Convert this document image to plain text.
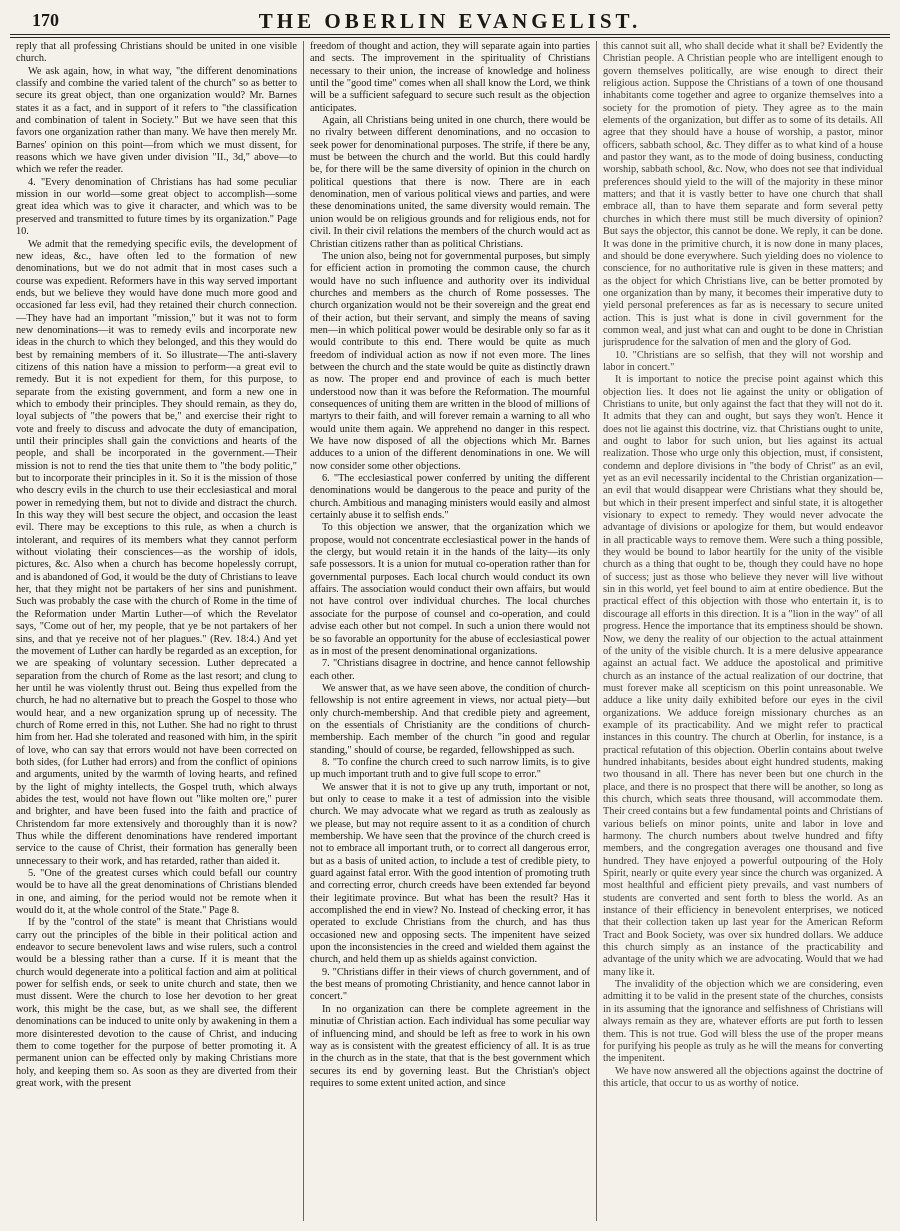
170	THE OBERLIN EVANGELIST.

reply that all professing Christians should be united in one visible church.

We ask again, how, in what way, "the different denominations classify and combine the varied talent of the church" so as better to secure its great object, than one organization would? Mr. Barnes states it as a fact, and in support of it refers to "the classification and combination of talent in Society." But we have seen that this favors one organization rather than many. We have then merely Mr. Barnes' opinion on this point—from which we must dissent, for reasons which we have given under division "II., 3d," above—to which we refer the reader.

4. "Every denomination of Christians has had some peculiar mission in our world—some great object to accomplish—some great idea which was to give it character, and which was to be preserved and transmitted to future times by its organization." Page 10.

We admit that the remedying specific evils, the development of new ideas, &c., have often led to the formation of new denominations, but we do not admit that in most cases such a course was expedient. Reformers have in this way served important ends, but we believe they would have done much more good and occasioned far less evil, had they retained their church connection.—They have had an important "mission," but it was not to form new denominations—it was to remedy evils and incorporate new ideas in the church to which they belonged, and this they would do best by remaining members of it. So illustrate—The anti-slavery citizens of this nation have a mission to perform—a great evil to remedy. But it is not expedient for them, for this purpose, to separate from the existing government, and form a new one in which to embody their principles. They should remain, as they do, loyal subjects of "the powers that be," and exercise their right to vote and freely to discuss and advocate the duty of emancipation, until their principles shall gain the convictions and hearts of the people, and shall be incorporated in the government.—Their mission is not to rend the ties that unite them to "the body politic," but to incorporate their principles in it. So it is the mission of those who descry evils in the church to use their ecclesiastical and moral power in remedying them, but not to divide and distract the church. In this way they will best secure the object, and occasion the least evil. There may be exceptions to this rule, as when a church is intolerant, and requires of its members what they cannot perform without violating their consciences—as the worship of idols, pictures, &c. Also when a church has become hopelessly corrupt, and is abandoned of God, it would be the duty of Christians to leave her, that they might not be partakers of her sins and punishment. Such was probably the case with the church of Rome in the time of the Reformation under Martin Luther—of which the Revelator says, "Come out of her, my people, that ye be not partakers of her sins, and that ye receive not of her plagues." (Rev. 18:4.) And yet the movement of Luther can hardly be regarded as an exception, for we are speaking of voluntary secession. Luther deprecated a separation from the church of Rome as the last resort; and clung to her until he was violently thrust out. Being thus expelled from the church, he had no alternative but to preach the Gospel to those who would hear, and a new organization sprung up of necessity. The church of Rome erred in this, not Luther. She had no right to thrust him from her. Had she tolerated and reasoned with him, in the spirit of love, who can say that errors would not have been corrected on both sides, (for Luther had errors) and from the conflict of opinions and arguments, united by the warmth of loving hearts, and refined by the light of mighty intellects, the Gospel truth, which always abides the test, would not have flown out "like molten ore," purer and brighter, and have been fused into the faith and practice of Christendom far more extensively and thoroughly than it is now? Thus while the different denominations have rendered important service to the cause of Christ, their formation has generally been unnecessary to their work, and has retarded, rather than aided it.

5. "One of the greatest curses which could befall our country would be to have all the great denominations of Christians blended in one, and aiming, for the period would not be remote when it would do it, at the whole control of the State." Page 8.

If by the "control of the state" is meant that Christians would carry out the principles of the bible in their political action and endeavor to secure benevolent laws and wise rulers, such a control would be a blessing rather than a curse. If it is meant that the church would degenerate into a political faction and aim at political power for selfish ends, or seek to unite church and state, then we must dissent. Were the church to lose her devotion to her great work, this might be the case, but, as we shall see, the different denominations can be induced to unite only by awakening in them a more disinterested devotion to the cause of Christ, and inducing them to come together for the purpose of better promoting it. A permanent union can be effected only by making Christians more holy, and keeping them so. As soon as they are diverted from their great work, with the present

freedom of thought and action, they will separate again into parties and sects. The improvement in the spirituality of Christians necessary to their union, the increase of knowledge and holiness until the "good time" comes when all shall know the Lord, we think will be a sufficient safeguard to secure such result as the objection anticipates.

Again, all Christians being united in one church, there would be no rivalry between different denominations, and no occasion to seek power for denominational purposes. The strife, if there be any, must be between the church and the world. But this could hardly be, for there will be the same diversity of opinion in the church on political questions that there is now. There are in each denomination, men of various political views and parties, and were these denominations united, the same diversity would remain. The union would be on religious grounds and for religious ends, not for civil. In their civil relations the members of the church would act as Christian citizens rather than as political Christians.

The union also, being not for governmental purposes, but simply for efficient action in promoting the common cause, the church would have no such influence and authority over its individual churches and members as the church of Rome possesses. The church organization would not be their sovereign and the great end of their action, but their servant, and simply the means of saving men—in which political power would be desirable only so far as it would contribute to this end. There would be quite as much freedom of individual action as now if not even more. The lines between the church and the state would be quite as distinctly drawn as now. The proper end and province of each is much better understood now than it was before the Reformation. The mournful consequences of uniting them are written in the blood of millions of martyrs to their faith, and will forever remain a warning to all who would unite them again. We apprehend no danger in this respect. We have now disposed of all the objections which Mr. Barnes adduces to a union of the different denominations in one. We will now consider some other objections.

6. "The ecclesiastical power conferred by uniting the different denominations would be dangerous to the peace and purity of the church. Ambitious and managing ministers would easily and almost certainly abuse it to selfish ends."

To this objection we answer, that the organization which we propose, would not concentrate ecclesiastical power in the hands of the clergy, but would retain it in the hands of the laity—its only safe possessors. It is a union for mutual co-operation rather than for governmental purposes. Each local church would conduct its own affairs. The association would conduct their own affairs, but would not have control over individual churches. The local churches associate for the purpose of counsel and co-operation, and could advise each other but not compel. In such a union there would not be so favorable an opportunity for the abuse of ecclesiastical power as in most of the present denominational organizations.

7. "Christians disagree in doctrine, and hence cannot fellowship each other.

We answer that, as we have seen above, the condition of church-fellowship is not entire agreement in views, nor actual piety—but only church-membership. And that credible piety and agreement, on the essentials of Christianity are the conditions of church-membership. Each member of the church "in good and regular standing," should of course, be regarded, fellowshipped as such.

8. "To confine the church creed to such narrow limits, is to give up much important truth and to give full scope to error."

We answer that it is not to give up any truth, important or not, but only to cease to make it a test of admission into the visible church. We may advocate what we regard as truth as zealously as we please, but may not require assent to it as a condition of church membership. We have seen that the province of the church creed is not to embrace all important truth, or to correct all dangerous error, but as a basis of united action, to include a test of credible piety, to guard against fatal error. With the good intention of promoting truth and correcting error, church creeds have been extended far beyond their legitimate province. But what has been the result? Has it accomplished the end in view? No. Instead of checking error, it has operated to exclude Christians from the church, and has thus occasioned new and opposing sects. The impenitent have seized upon the inconsistencies in the creed and wielded them against the church, and held them up as shields against conviction.

9. "Christians differ in their views of church government, and of the best means of promoting Christianity, and hence cannot labor in concert."

In no organization can there be complete agreement in the minutiæ of Christian action. Each individual has some peculiar way of influencing mind, and should be left as free to work in his own way as is consistent with the greatest efficiency of all. It is as true in the church as in the state, that that is the best government which secures its end by governing least. But the Christian's object requires to some extent united action, and since

this cannot suit all, who shall decide what it shall be? Evidently the Christian people. A Christian people who are intelligent enough to govern themselves politically, are wise enough to direct their religious action. Suppose the Christians of a town of one thousand inhabitants come together and agree to organize themselves into a society for the promotion of piety. They agree as to the main elements of the organization, but differ as to some of its details. All agree that they should have a house of worship, a pastor, minor officers, sabbath school, &c. They differ as to what kind of a house and pastor they want, as to the mode of doing business, conducting worship, sabbath school, &c. Now, who does not see that individual preferences should yield to the will of the majority in these minor matters; and that it is vastly better to have one church that shall embrace all, than to have them separate and form several petty churches in which there must still be much diversity of opinion? But says the objector, this cannot be done. We reply, it can be done. It was done in the primitive church, it is now done in many places, and should be done everywhere. Such yielding does no violence to conscience, for no authoritative rule is given in these matters; and as the object for which Christians live, can be better promoted by one organization than by many, it becomes their imperative duty to yield personal preferences as far as is necessary to secure united action. This is just what is done in civil government for the common weal, and just what can and ought to be done in Christian jurisprudence for the salvation of men and the glory of God.

10. "Christians are so selfish, that they will not worship and labor in concert."

It is important to notice the precise point against which this objection lies. It does not lie against the unity or obligation of Christians to unite, but only against the fact that they will not do it. It admits that they can and ought, but says they won't. Hence it does not lie against this doctrine, viz. that Christians ought to unite, and ought to labor for such union, but lies against its actual realization. Those who urge only this objection, must, if consistent, condemn and deplore divisions in "the body of Christ" as an evil, yet as an evil necessarily incidental to the Christian organization—an evil that would disappear were Christians what they should be, but which in their present imperfect and sinful state, it is altogether visionary to expect to remedy. They would never advocate the advantage of divisions or apologize for them, but would endeavor in all practicable ways to remove them. Were such a thing possible, they would be bound to labor heartily for the unity of the visible church as a thing that ought to be, though they could have no hope of success; just as those who believe they never will live without sin in this world, yet feel bound to aim at entire obedience. But the practical effect of this objection with those who entertain it, is to discourage all efforts in this direction. It is a "lion in the way" of all progress. Hence the importance that its emptiness should be shown. Now, we deny the reality of our objection to the actual attainment of the unity of the visible church. It is a mere delusive appearance against an actual fact. We adduce the apostolical and primitive church as an instance of the actual realization of our doctrine, that must forever make all scepticism on this point unreasonable. We adduce a like unity daily exhibited before our eyes in the civil organizations. We adduce foreign missionary churches as an example of its practicability. And we might refer to practical instances in this country. The church at Oberlin, for instance, is a practical refutation of this objection. Oberlin contains about twelve hundred inhabitants, besides about eight hundred students, making two thousand in all. There has never been but one church in the place, and there is no prospect that there will be another, so long as this church, which seats three thousand, will accommodate them. Their creed contains but a few fundamental points and Christians of various beliefs on minor points, unite and labor in love and harmony. The church numbers about twelve hundred and fifty members, and the congregation averages one thousand and five hundred. They have enjoyed a powerful outpouring of the Holy Spirit, nearly or quite every year since the church was organized. A most healthful and efficient piety prevails, and vast numbers of students are converted and sent forth to bless the world. As an instance of their efficiency in benevolent enterprises, we noticed that their collection taken up last year for the American Reform Tract and Book Society, was over six hundred dollars. We adduce this church simply as an instance of the practicability and advantage of the unity which we are advocating. Would that we had many like it.

The invalidity of the objection which we are considering, even admitting it to be valid in the present state of the churches, consists in its assuming that the ignorance and selfishness of Christians will always remain as they are, whatever efforts are put forth to lessen them. This is not true. God will bless the use of the proper means for purifying his people as truly as he will the means for converting the impenitent.

We have now answered all the objections against the doctrine of this article, that occur to us as worthy of notice.
